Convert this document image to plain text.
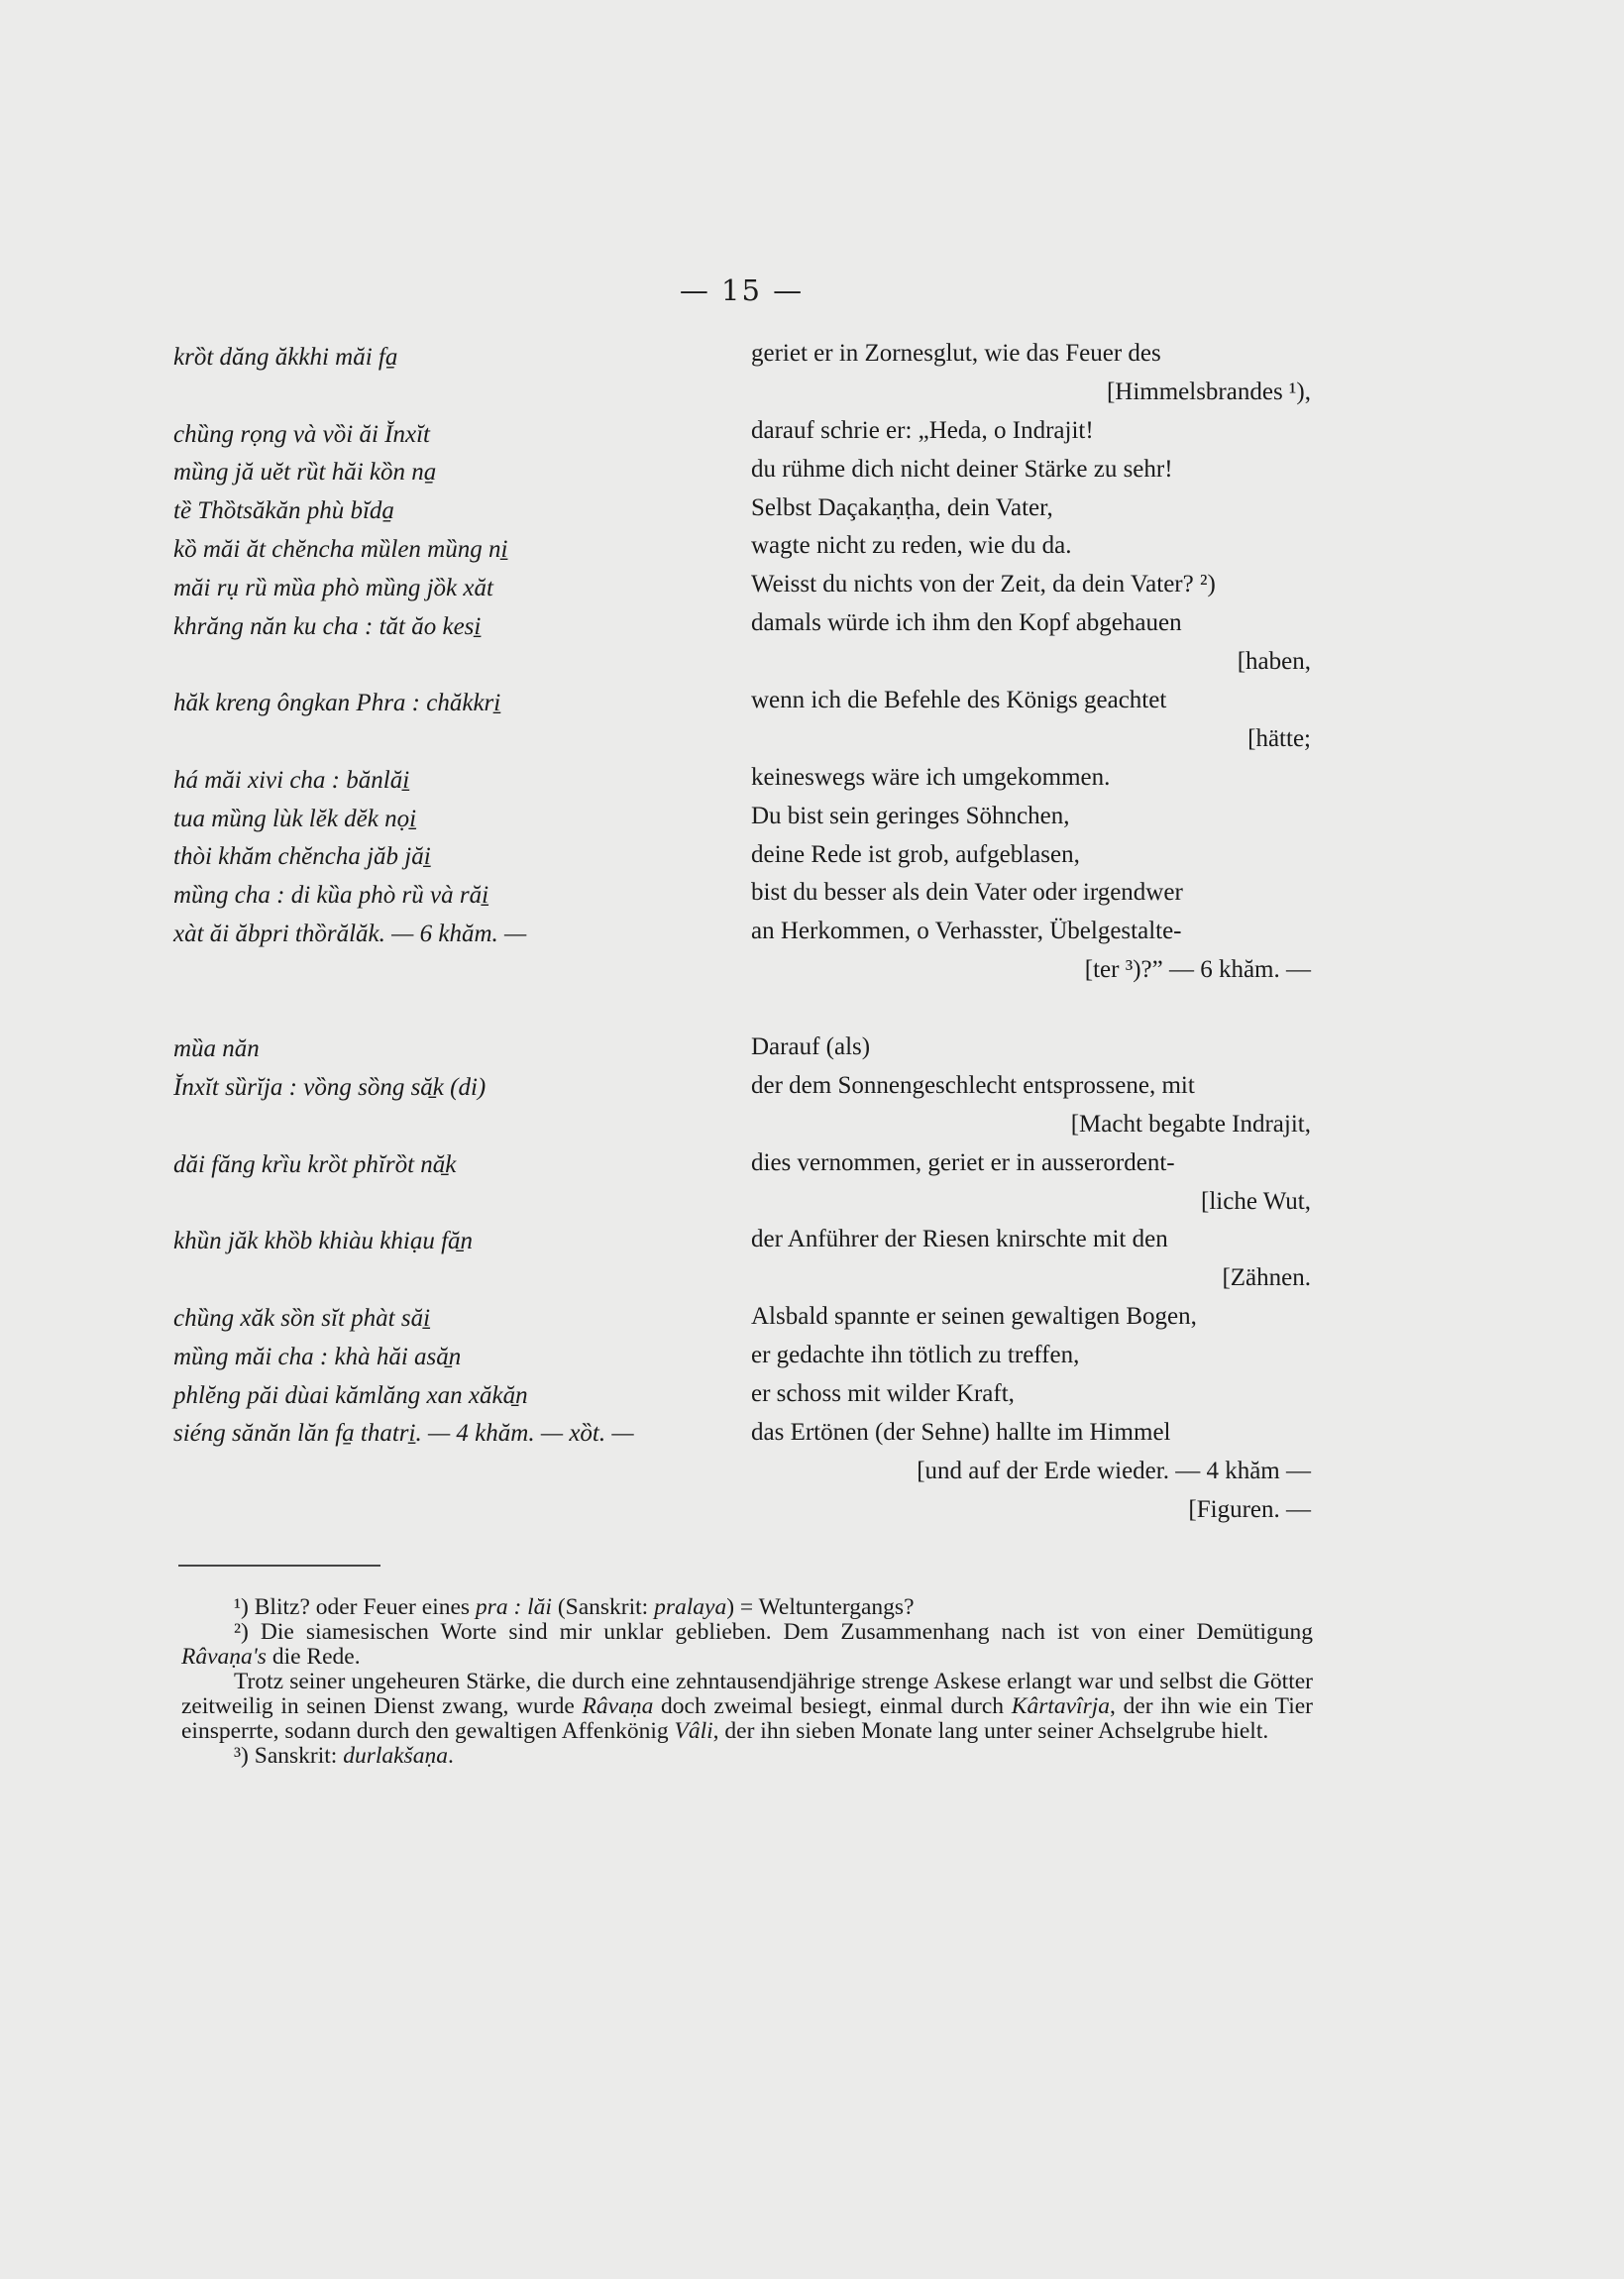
— 15 —
krȍt dăng ăkkhi măi fa̱
chȕng rọng và vȍi ăi Ĭnxĭt
mȕng jă uĕt rȕt hăi kȍn na̱
tȅ Thȍtsăkăn phù bĭda̱
kȍ măi ăt chĕncha mȕlen mȕng ni̱
măi rụ rȕ mȕa phò mȕng jȍk xăt
khrăng năn ku cha : tăt ăo kesi̱
hăk kreng ôngkan Phra : chăkkri̱
há măi xivi cha : bănlăi̱
tua mȕng lùk lĕk dĕk nọi̱
thòi khăm chĕncha jăb jăi̱
mȕng cha : di kȕa phò rȕ và răi̱
xàt ăi ăbpri thȍrălăk. — 6 khăm. —
mȕa năn
Ĭnxĭt sȕrĭja : vȍng sȍng să̱k (di)
dăi făng krȉu krȍt phĭrȍt nă̱k
khȕn jăk khȍb khiàu khiạu fă̱n
chȕng xăk sȍn sĭt phàt săi̱
mȕng măi cha : khà hăi asă̱n
phlĕng păi dùai kămlăng xan xăkă̱n
siéng sănăn lăn fa̱ thatri̱. — 4 khăm. — xȍt. —
geriet er in Zornesglut, wie das Feuer des
[Himmelsbrandes ¹),
darauf schrie er: „Heda, o Indrajit!
du rühme dich nicht deiner Stärke zu sehr!
Selbst Daçakaṇṭha, dein Vater,
wagte nicht zu reden, wie du da.
Weisst du nichts von der Zeit, da dein Vater? ²)
damals würde ich ihm den Kopf abgehauen
[haben,
wenn ich die Befehle des Königs geachtet
[hätte;
keineswegs wäre ich umgekommen.
Du bist sein geringes Söhnchen,
deine Rede ist grob, aufgeblasen,
bist du besser als dein Vater oder irgendwer
an Herkommen, o Verhasster, Übelgestalte-
[ter ³)?” — 6 khăm. —
Darauf (als)
der dem Sonnengeschlecht entsprossene, mit
[Macht begabte Indrajit,
dies vernommen, geriet er in ausserordent-
[liche Wut,
der Anführer der Riesen knirschte mit den
[Zähnen.
Alsbald spannte er seinen gewaltigen Bogen,
er gedachte ihn tötlich zu treffen,
er schoss mit wilder Kraft,
das Ertönen (der Sehne) hallte im Himmel
[und auf der Erde wieder. — 4 khăm —
[Figuren. —

¹) Blitz? oder Feuer eines pra : lăi (Sanskrit: pralaya) = Weltuntergangs?

²) Die siamesischen Worte sind mir unklar geblieben. Dem Zusammenhang nach ist von einer Demütigung Râvaṇa's die Rede.

Trotz seiner ungeheuren Stärke, die durch eine zehntausendjährige strenge Askese erlangt war und selbst die Götter zeitweilig in seinen Dienst zwang, wurde Râvaṇa doch zweimal besiegt, einmal durch Kârtavîrja, der ihn wie ein Tier einsperrte, sodann durch den gewaltigen Affenkönig Vâli, der ihn sieben Monate lang unter seiner Achselgrube hielt.

³) Sanskrit: durlakšaṇa.
